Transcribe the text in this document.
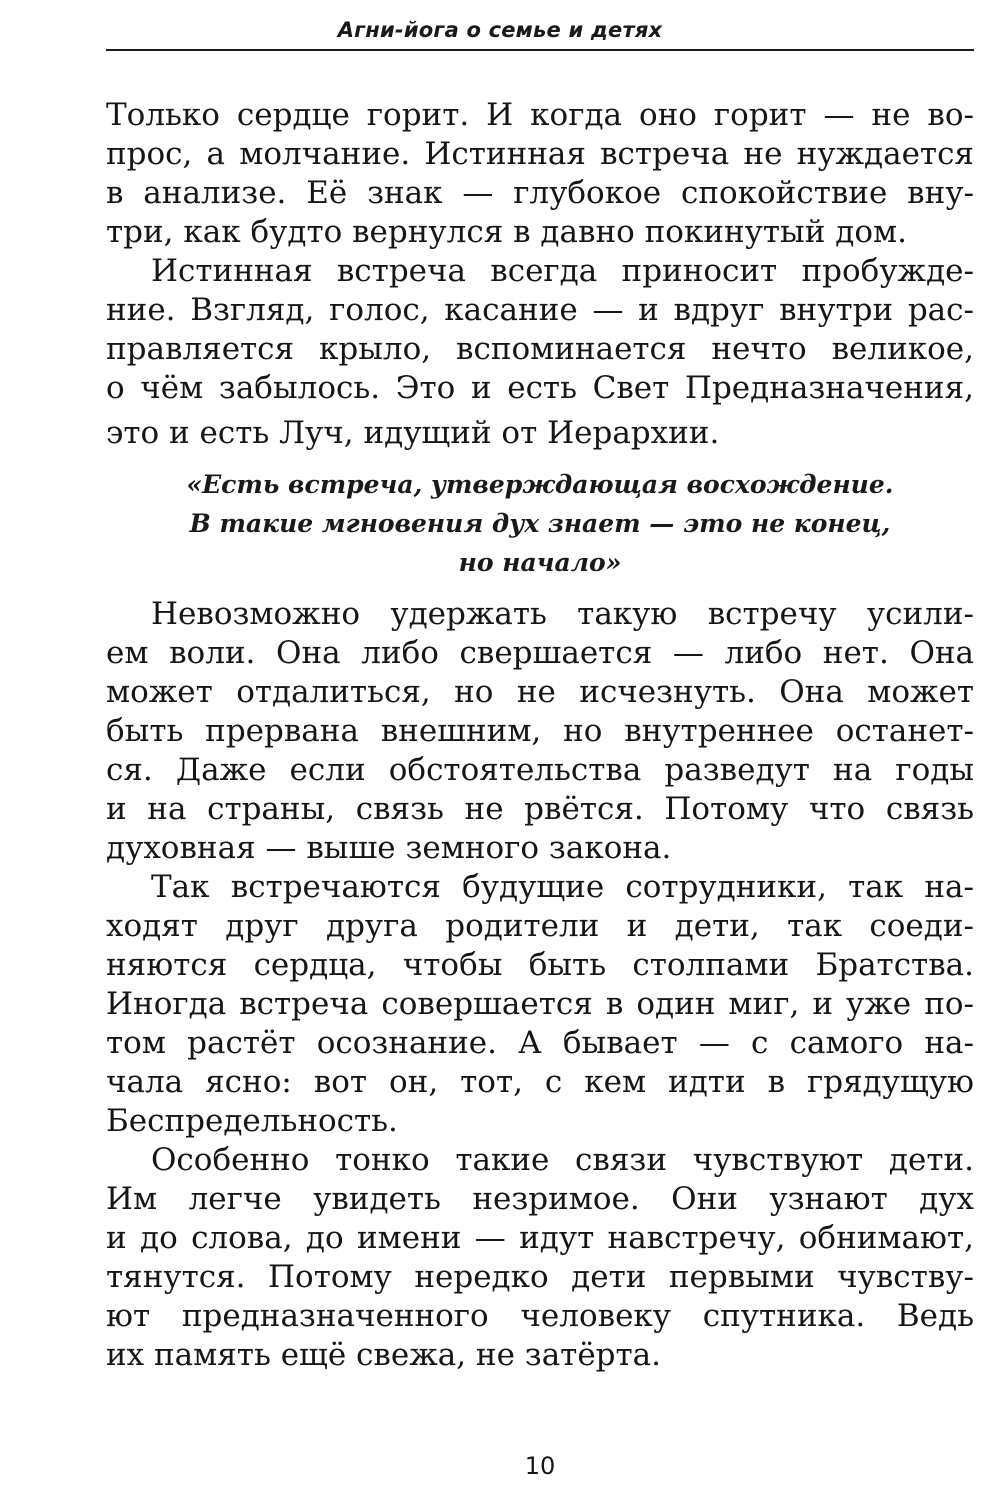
Агни-йога о семье и детях
Только сердце горит. И когда оно горит — не во-
прос, а молчание. Истинная встреча не нуждается
в анализе. Её знак — глубокое спокойствие вну-
три, как будто вернулся в давно покинутый дом.
Истинная встреча всегда приносит пробужде-
ние. Взгляд, голос, касание — и вдруг внутри рас-
правляется крыло, вспоминается нечто великое,
о чём забылось. Это и есть Свет Предназначения,
это и есть Луч, идущий от Иерархии.
«Есть встреча, утверждающая восхождение.
В такие мгновения дух знает — это не конец,
но начало»
Невозможно удержать такую встречу усили-
ем воли. Она либо свершается — либо нет. Она
может отдалиться, но не исчезнуть. Она может
быть прервана внешним, но внутреннее останет-
ся. Даже если обстоятельства разведут на годы
и на страны, связь не рвётся. Потому что связь
духовная — выше земного закона.
Так встречаются будущие сотрудники, так на-
ходят друг друга родители и дети, так соеди-
няются сердца, чтобы быть столпами Братства.
Иногда встреча совершается в один миг, и уже по-
том растёт осознание. А бывает — с самого на-
чала ясно: вот он, тот, с кем идти в грядущую
Беспредельность.
Особенно тонко такие связи чувствуют дети.
Им легче увидеть незримое. Они узнают дух
и до слова, до имени — идут навстречу, обнимают,
тянутся. Потому нередко дети первыми чувству-
ют предназначенного человеку спутника. Ведь
их память ещё свежа, не затёрта.
10
